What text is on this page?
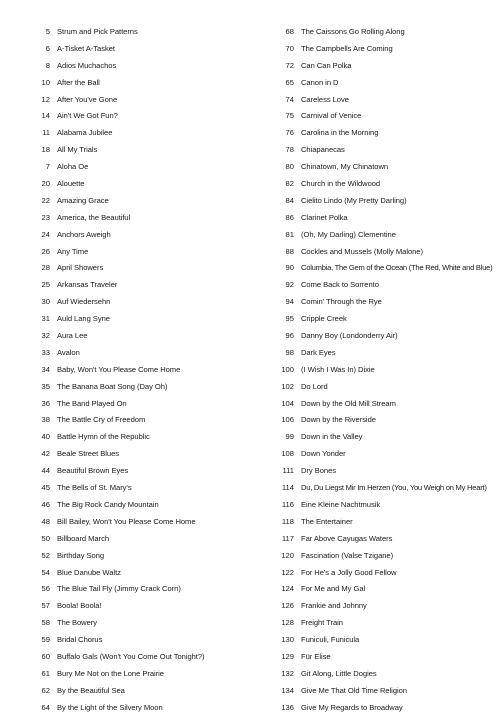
5 Strum and Pick Patterns
6 A-Tisket A-Tasket
8 Adios Muchachos
10 After the Ball
12 After You've Gone
14 Ain't We Got Fun?
11 Alabama Jubilee
18 All My Trials
7 Aloha Oe
20 Alouette
22 Amazing Grace
23 America, the Beautiful
24 Anchors Aweigh
26 Any Time
28 April Showers
25 Arkansas Traveler
30 Auf Wiedersehn
31 Auld Lang Syne
32 Aura Lee
33 Avalon
34 Baby, Won't You Please Come Home
35 The Banana Boat Song (Day Oh)
36 The Band Played On
38 The Battle Cry of Freedom
40 Battle Hymn of the Republic
42 Beale Street Blues
44 Beautiful Brown Eyes
45 The Bells of St. Mary's
46 The Big Rock Candy Mountain
48 Bill Bailey, Won't You Please Come Home
50 Billboard March
52 Birthday Song
54 Blue Danube Waltz
56 The Blue Tail Fly (Jimmy Crack Corn)
57 Boola! Boola!
58 The Bowery
59 Bridal Chorus
60 Buffalo Gals (Won't You Come Out Tonight?)
61 Bury Me Not on the Lone Prairie
62 By the Beautiful Sea
64 By the Light of the Silvery Moon
68 The Caissons Go Rolling Along
70 The Campbells Are Coming
72 Can Can Polka
65 Canon in D
74 Careless Love
75 Carnival of Venice
76 Carolina in the Morning
78 Chiapanecas
80 Chinatown, My Chinatown
82 Church in the Wildwood
84 Cielito Lindo (My Pretty Darling)
86 Clarinet Polka
81 (Oh, My Darling) Clementine
88 Cockles and Mussels (Molly Malone)
90 Columbia, The Gem of the Ocean (The Red, White and Blue)
92 Come Back to Sorrento
94 Comin' Through the Rye
95 Cripple Creek
96 Danny Boy (Londonderry Air)
98 Dark Eyes
100 (I Wish I Was In) Dixie
102 Do Lord
104 Down by the Old Mill Stream
106 Down by the Riverside
99 Down in the Valley
108 Down Yonder
111 Dry Bones
114 Du, Du Liegst Mir Im Herzen (You, You Weigh on My Heart)
116 Eine Kleine Nachtmusik
118 The Entertainer
117 Far Above Cayugas Waters
120 Fascination (Valse Tzigane)
122 For He's a Jolly Good Fellow
124 For Me and My Gal
126 Frankie and Johnny
128 Freight Train
130 Funiculi, Funicula
129 Für Elise
132 Git Along, Little Dogies
134 Give Me That Old Time Religion
136 Give My Regards to Broadway
